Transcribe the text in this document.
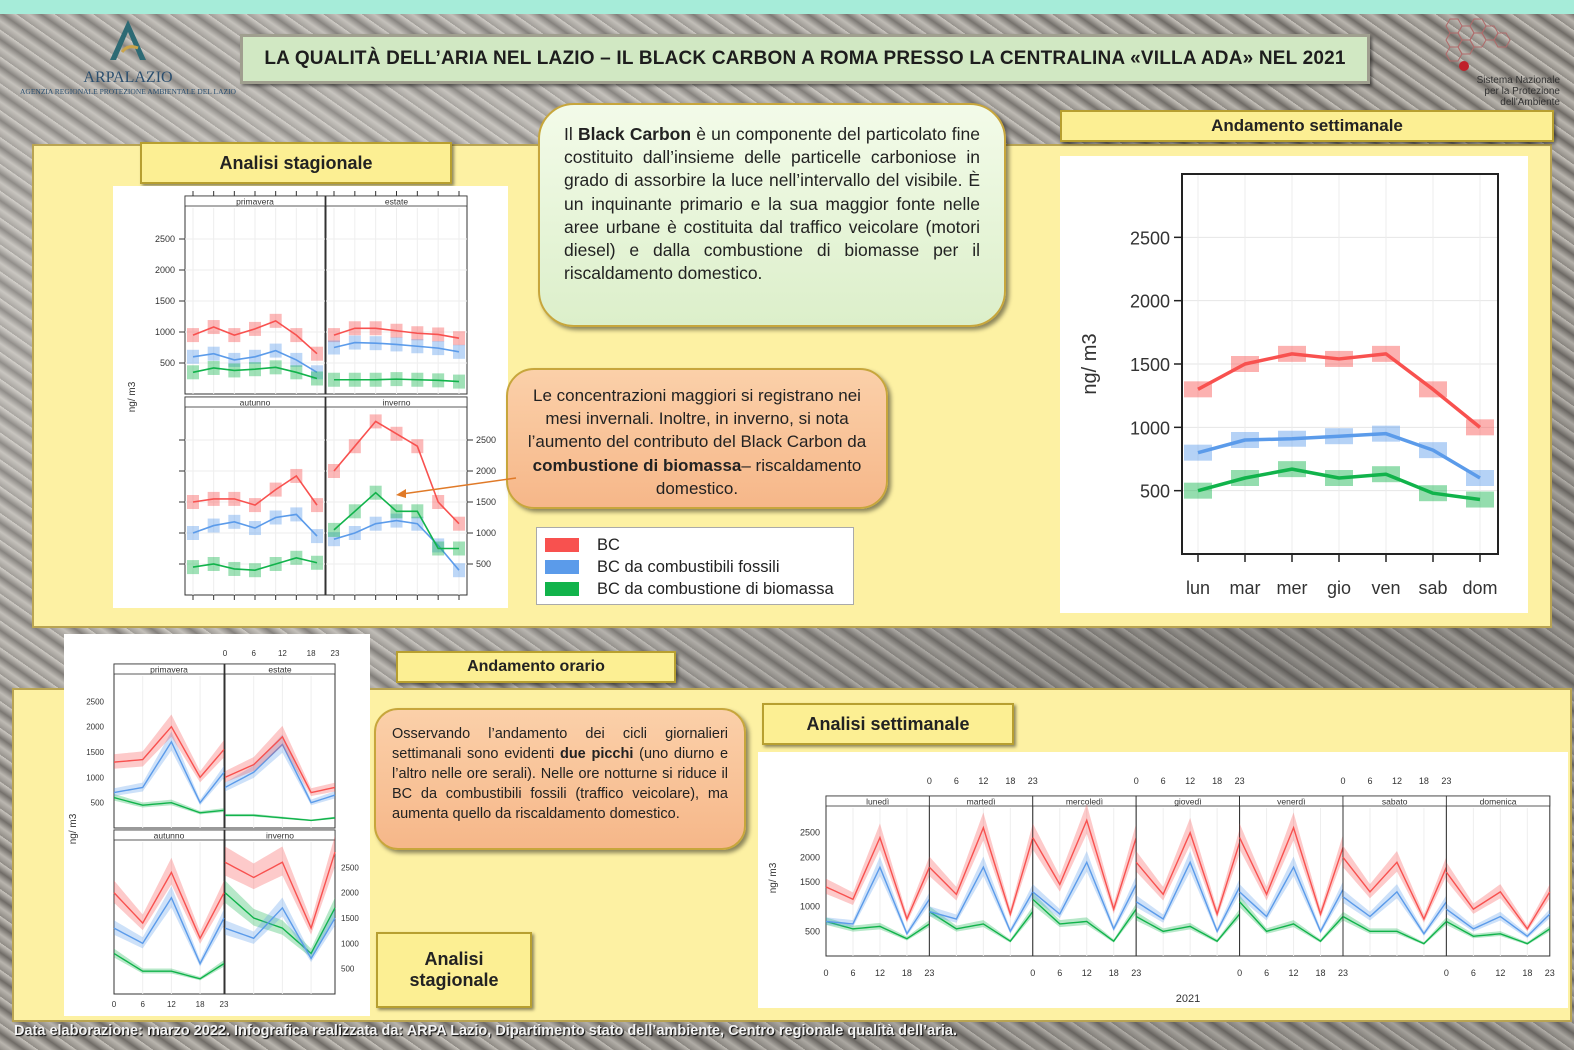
ARPALAZIO
AGENZIA REGIONALE PROTEZIONE AMBIENTALE DEL LAZIO
Sistema Nazionale
per la Protezione
dell'Ambiente
LA QUALITÀ DELL’ARIA NEL LAZIO – IL BLACK CARBON A ROMA PRESSO LA CENTRALINA «VILLA ADA» NEL 2021
Analisi stagionale
Andamento settimanale
Andamento orario
Analisi settimanale
Analisi
stagionale
primavera
500
1000
1500
2000
2500
estate
autunno	inverno
500
1000
1500
2000
2500
ng/ m3
500
1000
1500
2000
2500
lun mar mer gio ven sab dom
ng/ m3
primavera
500
1000
1500
2000
2500
estate
0	6	12 18 23
autunno
0	6	12 18 23
inverno
500
1000
1500
2000
2500
ng/ m3
lunedì
500
1000
1500
2000
2500
0 6 12 18 23
martedì
0 6 12 18 23
mercoledì
0 6 12 18 23
giovedì
0 6 12 18 23
venerdì
0 6 12 18 23
sabato
0 6 12 18 23
domenica
0 6 12 18 23
ng/ m3
2021
Il Black Carbon è un componente del particolato fine costituito dall’insieme delle particelle carboniose in grado di assorbire la luce nell’intervallo del visibile. È un inquinante primario e la sua maggior fonte nelle aree urbane è costituita dal traffico veicolare (motori diesel) e dalla combustione di biomasse per il riscaldamento domestico.
Le concentrazioni maggiori si registrano nei mesi invernali. Inoltre, in inverno, si nota l’aumento del contributo del Black Carbon da combustione di biomassa– riscaldamento domestico.
Osservando l’andamento dei cicli giornalieri settimanali sono evidenti due picchi (uno diurno e l’altro nelle ore serali). Nelle ore notturne si riduce il BC da combustibili fossili (traffico veicolare), ma aumenta quello da riscaldamento domestico.
BC
BC da combustibili fossili
BC da combustione di biomassa
Data elaborazione: marzo 2022. Infografica realizzata da: ARPA Lazio, Dipartimento stato dell’ambiente, Centro regionale qualità dell’aria.
